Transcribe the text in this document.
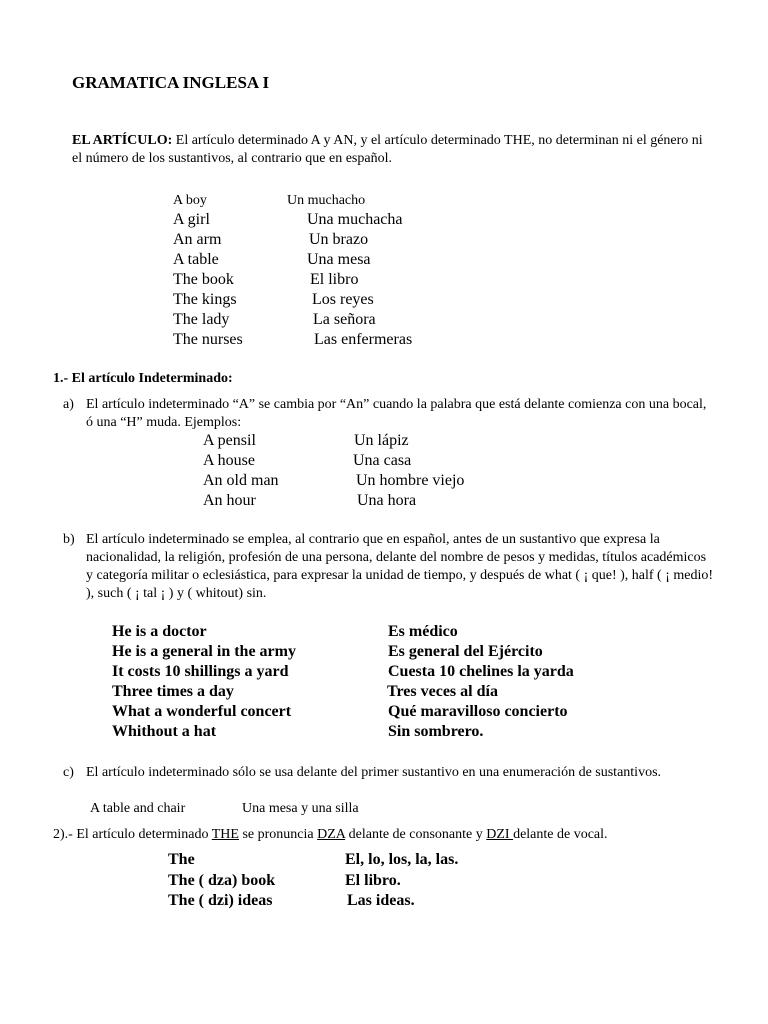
GRAMATICA INGLESA I
EL ARTÍCULO: El artículo determinado A y AN, y el artículo determinado THE, no determinan ni el género ni el número de los sustantivos, al contrario que en español.
A boy	Un muchacho
A girl	Una muchacha
An arm	Un brazo
A table	Una mesa
The book	El libro
The kings	Los reyes
The lady	La señora
The nurses	Las enfermeras
1.- El artículo Indeterminado:
a) El artículo indeterminado “A” se cambia por “An” cuando la palabra que está delante comienza con una bocal, ó una “H” muda. Ejemplos:
A pensil	Un lápiz
A house	Una casa
An old man	Un hombre viejo
An hour	Una hora
b) El artículo indeterminado se emplea, al contrario que en español, antes de un sustantivo que expresa la nacionalidad, la religión, profesión de una persona, delante del nombre de pesos y medidas, títulos académicos y categoría militar o eclesiástica, para expresar la unidad de tiempo, y después de what ( ¡ que! ), half ( ¡ medio! ), such ( ¡ tal ¡ ) y ( whitout) sin.
He is a doctor	Es médico
He is a general in the army	Es general del Ejército
It costs 10 shillings a yard	Cuesta 10 chelines la yarda
Three times a day	Tres veces al día
What a wonderful concert	Qué maravilloso concierto
Whithout a hat	Sin sombrero.
c) El artículo indeterminado sólo se usa delante del primer sustantivo en una enumeración de sustantivos.
A table and chair	Una mesa y una silla
2).- El artículo determinado THE se pronuncia DZA delante de consonante y DZI delante de vocal.
The	El, lo, los, la, las.
The ( dza) book	El libro.
The ( dzi) ideas	Las ideas.
